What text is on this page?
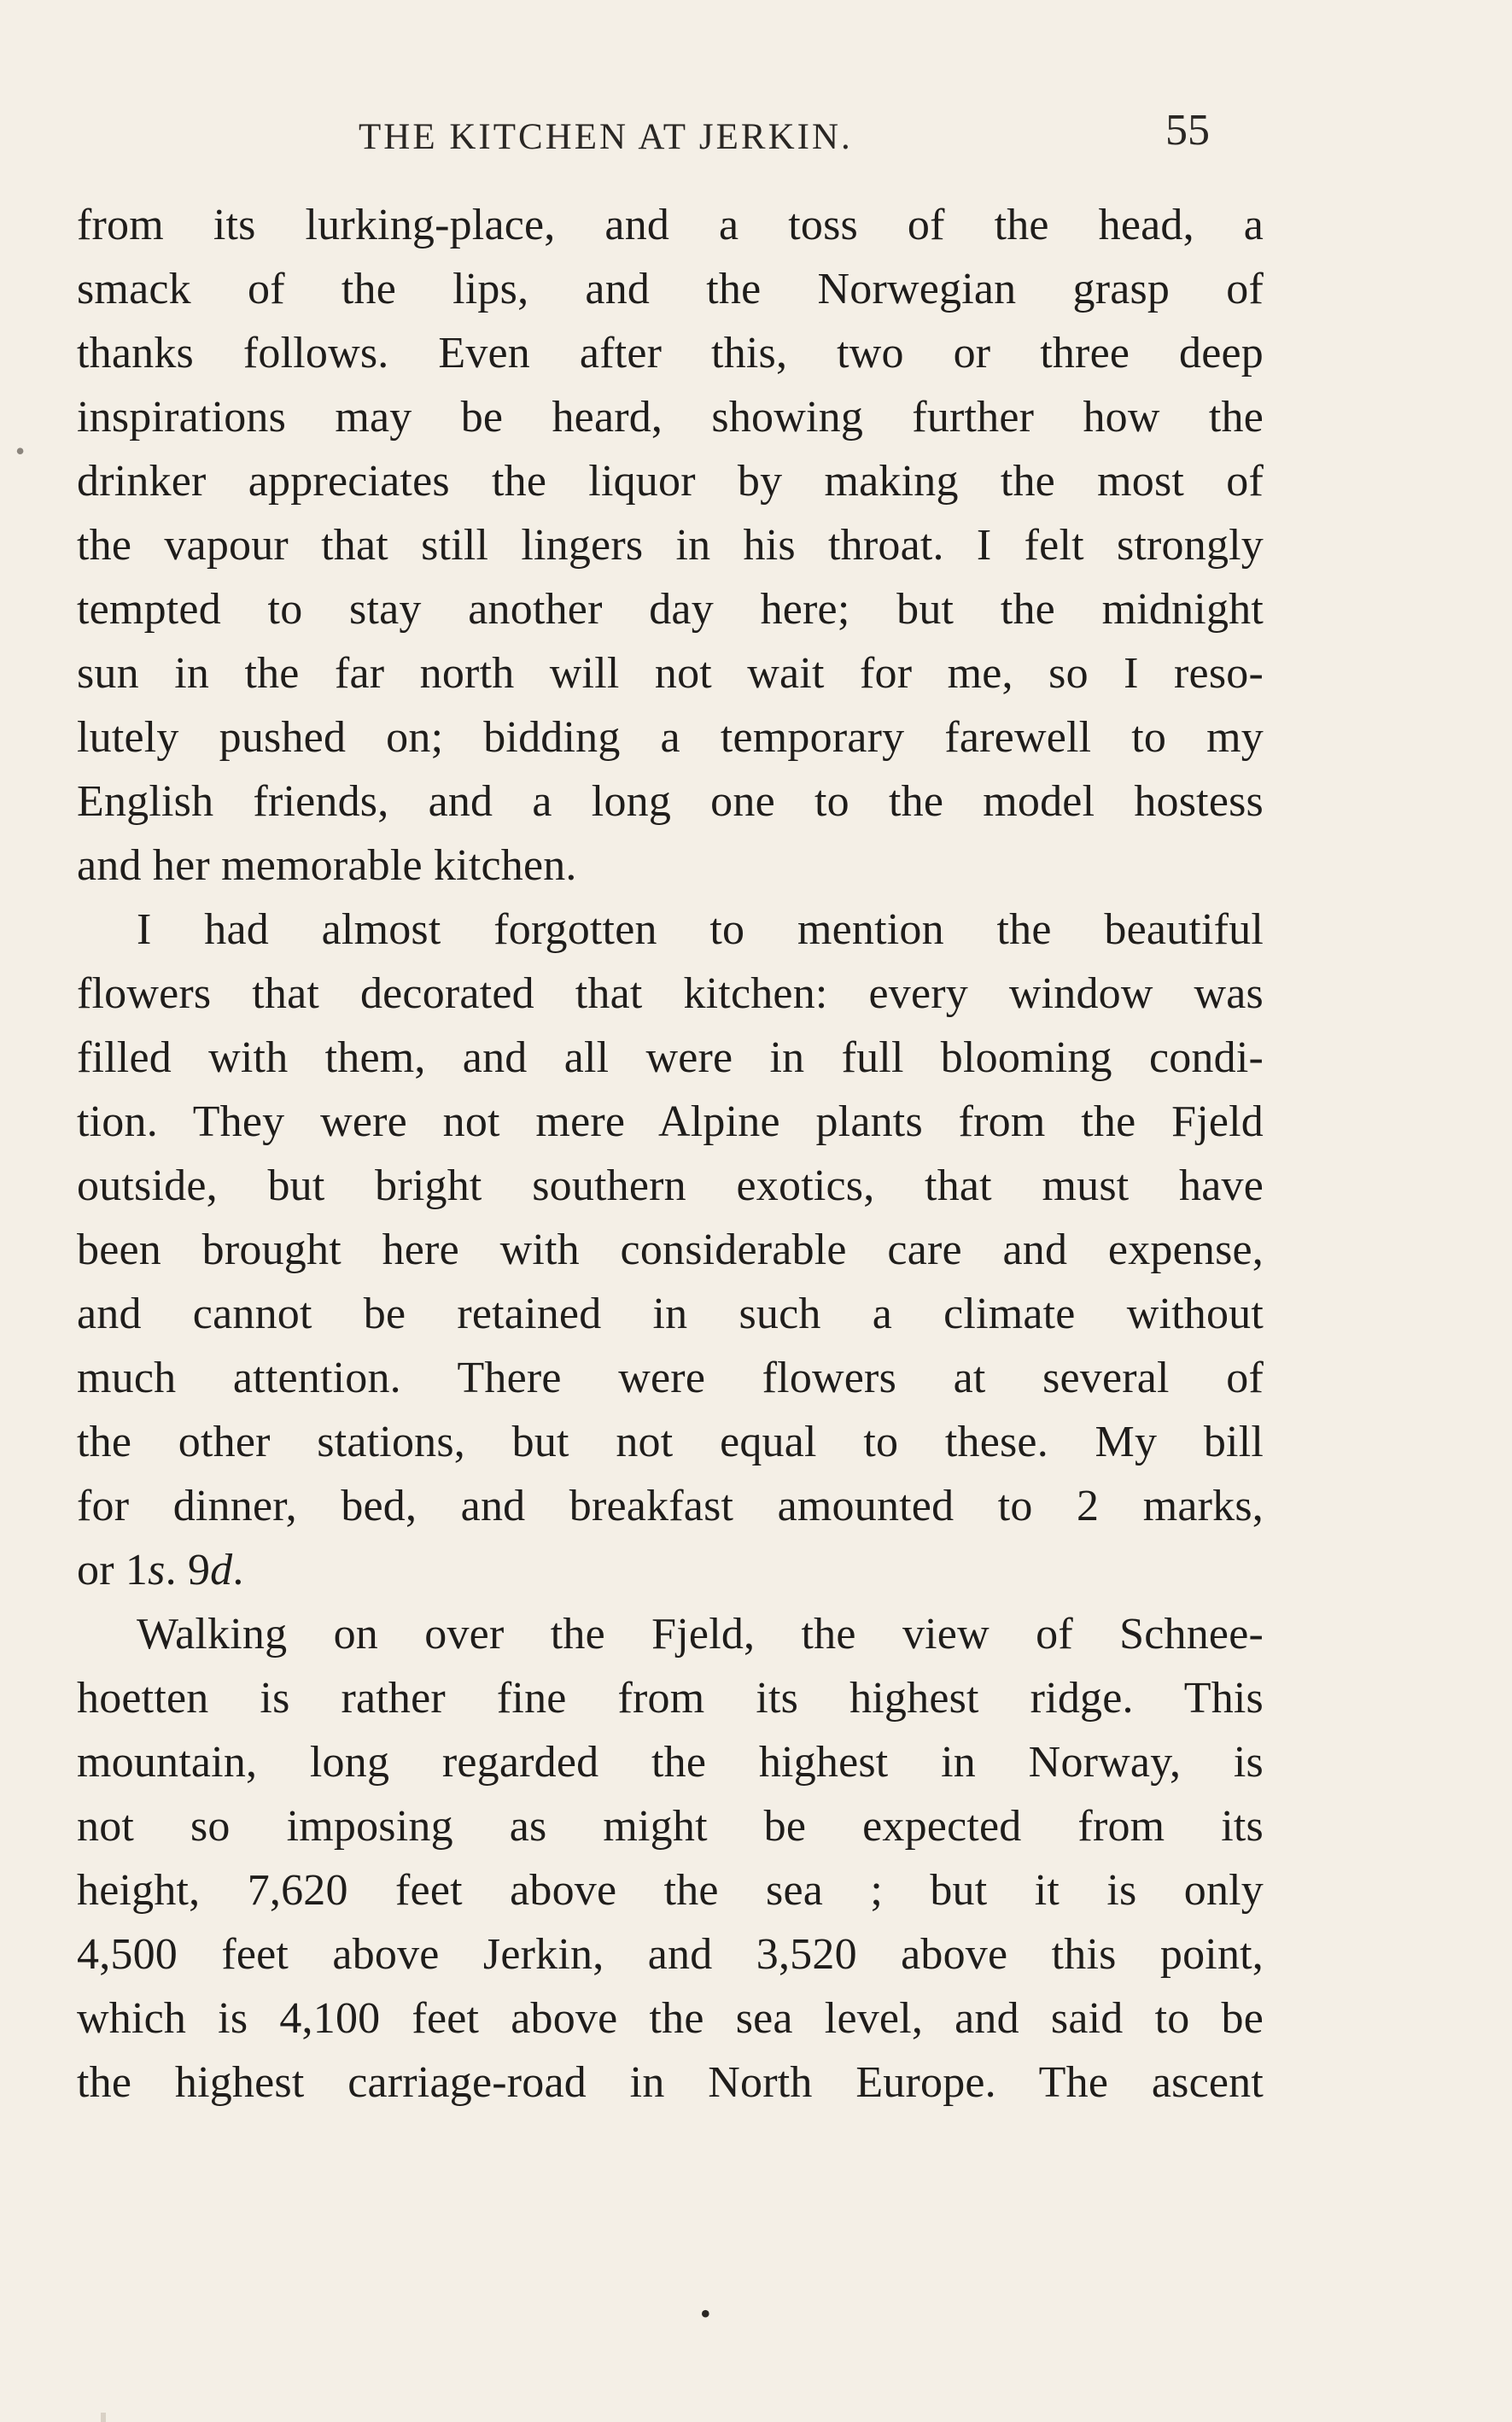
THE KITCHEN AT JERKIN.	55
•
from its lurking-place, and a toss of the head, a
smack of the lips, and the Norwegian grasp of
thanks follows. Even after this, two or three deep
inspirations may be heard, showing further how the
drinker appreciates the liquor by making the most of
the vapour that still lingers in his throat. I felt strongly
tempted to stay another day here; but the midnight
sun in the far north will not wait for me, so I reso-
lutely pushed on; bidding a temporary farewell to my
English friends, and a long one to the model hostess
and her memorable kitchen.
I had almost forgotten to mention the beautiful
flowers that decorated that kitchen: every window was
filled with them, and all were in full blooming condi-
tion. They were not mere Alpine plants from the Fjeld
outside, but bright southern exotics, that must have
been brought here with considerable care and expense,
and cannot be retained in such a climate without
much attention. There were flowers at several of
the other stations, but not equal to these. My bill
for dinner, bed, and breakfast amounted to 2 marks,
or 1s. 9d.
Walking on over the Fjeld, the view of Schnee-
hoetten is rather fine from its highest ridge. This
mountain, long regarded the highest in Norway, is
not so imposing as might be expected from its
height, 7,620 feet above the sea ; but it is only
4,500 feet above Jerkin, and 3,520 above this point,
which is 4,100 feet above the sea level, and said to be
the highest carriage-road in North Europe. The ascent
•
